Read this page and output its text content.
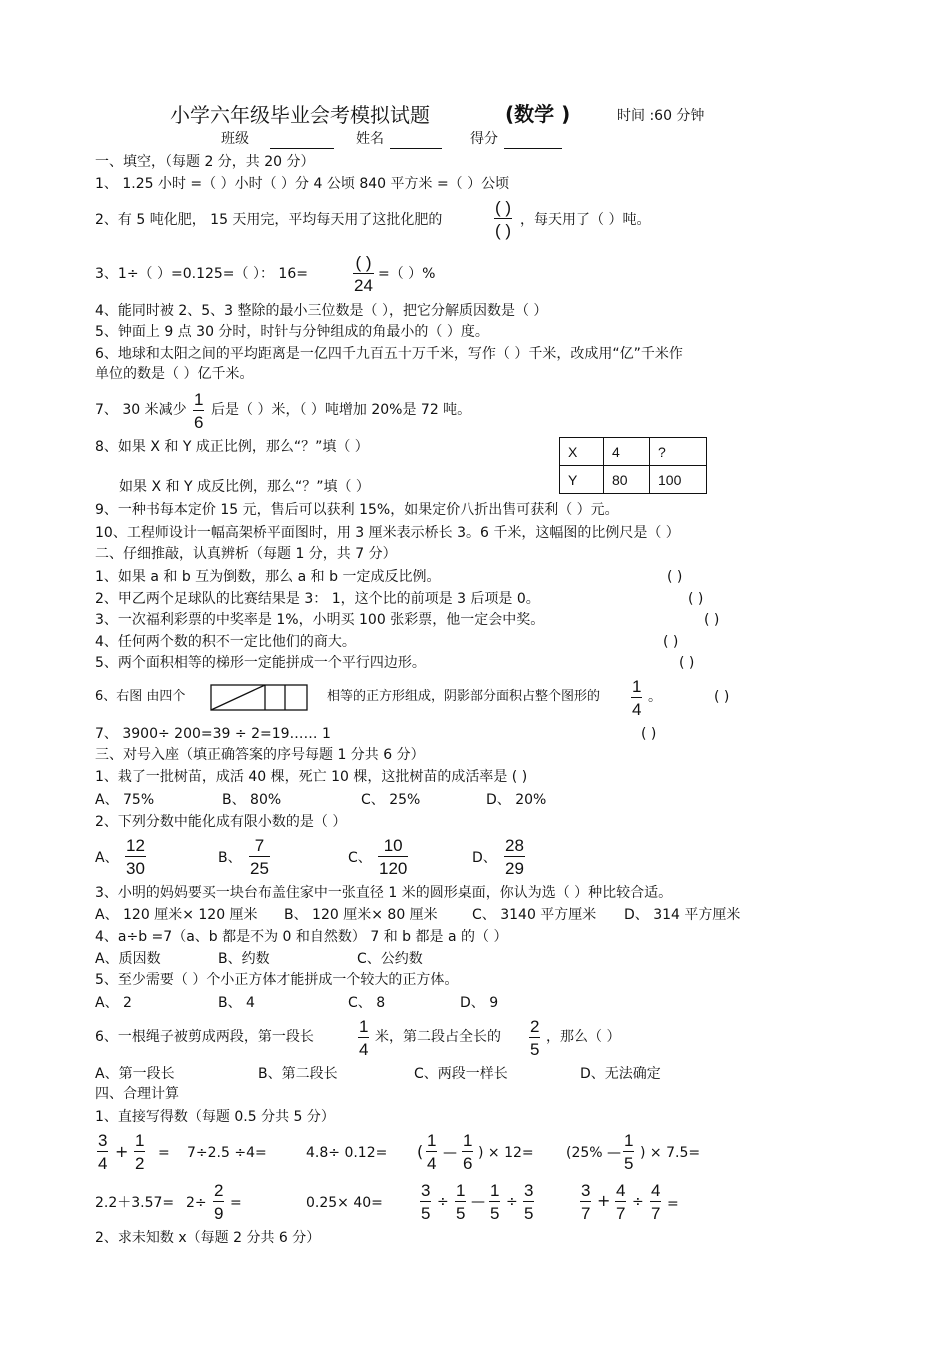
小学六年级毕业会考模拟试题	(数学 )	时间 :60 分钟
班级	姓名	得分
一、填空，（每题 2 分，共 20 分）
1、 1.25 小时 =（ ）小时（ ）分 4 公顷 840 平方米 =（ ）公顷
2、有 5 吨化肥， 15 天用完，平均每天用了这批化肥的
( )
( )
，每天用了（ ）吨。
3、1÷（ ）=0.125=（ ）： 16=
( )
24
=（ ）%
4、能同时被 2、5、3 整除的最小三位数是（ ），把它分解质因数是（ ）
5、钟面上 9 点 30 分时，时针与分钟组成的角最小的（ ）度。
6、地球和太阳之间的平均距离是一亿四千九百五十万千米，写作（ ）千米，改成用“亿”千米作
单位的数是（ ）亿千米。
7、 30 米减少
1
6
后是（ ）米，（ ）吨增加 20%是 72 吨。
8、如果 X 和 Y 成正比例，那么“？”填（ ）	X	4	?
Y	80	100
如果 X 和 Y 成反比例，那么“？”填（ ）
9、一种书每本定价 15 元，售后可以获利 15%，如果定价八折出售可获利（ ）元。
10、工程师设计一幅高架桥平面图时，用 3 厘米表示桥长 3。6 千米，这幅图的比例尺是（ ）
二、仔细推敲，认真辨析（每题 1 分，共 7 分）
1、如果 a 和 b 互为倒数，那么 a 和 b 一定成反比例。	( )
2、甲乙两个足球队的比赛结果是 3： 1，这个比的前项是 3 后项是 0。	( )
3、一次福利彩票的中奖率是 1%，小明买 100 张彩票，他一定会中奖。	( )
4、任何两个数的积不一定比他们的商大。	( )
5、两个面积相等的梯形一定能拼成一个平行四边形。	( )
6、右图 由四个	相等的正方形组成，阴影部分面积占整个图形的
1
4
。	( )
7、 3900÷ 200=39 ÷ 2=19…… 1	( )
三、对号入座（填正确答案的序号每题 1 分共 6 分）
1、栽了一批树苗，成活 40 棵，死亡 10 棵，这批树苗的成活率是 ( )
A、 75%	B、 80%	C、 25%	D、 20%
2、下列分数中能化成有限小数的是（ ）
A、
12
30
B、
7
25
C、
10
120
D、
28
29
3、小明的妈妈要买一块台布盖住家中一张直径 1 米的圆形桌面，你认为选（ ）种比较合适。
A、 120 厘米× 120 厘米 B、 120 厘米× 80 厘米 C、 3140 平方厘米 D、 314 平方厘米
4、a÷b =7（a、b 都是不为 0 和自然数） 7 和 b 都是 a 的（ ）
A、质因数	B、约数	C、公约数
5、至少需要（ ）个小正方体才能拼成一个较大的正方体。
A、 2	B、 4	C、 8	D、 9
6、一根绳子被剪成两段，第一段长
1
4
米，第二段占全长的
2
5
，那么（ ）
A、第一段长	B、第二段长	C、两段一样长	D、无法确定
四、合理计算
1、直接写得数（每题 0.5 分共 5 分）
3
4
+
1
2
= 7÷2.5 ÷4=	4.8÷ 0.12= (
1
4
—
1
6
) × 12= (25% —
1
5
) × 7.5=
2.2＋3.57= 2÷
2
9
=	0.25× 40=
3
5
÷
1
5
—
1
5
÷
3
5
3
7
+
4
7
÷
4
7 =
2、求未知数 x（每题 2 分共 6 分）
